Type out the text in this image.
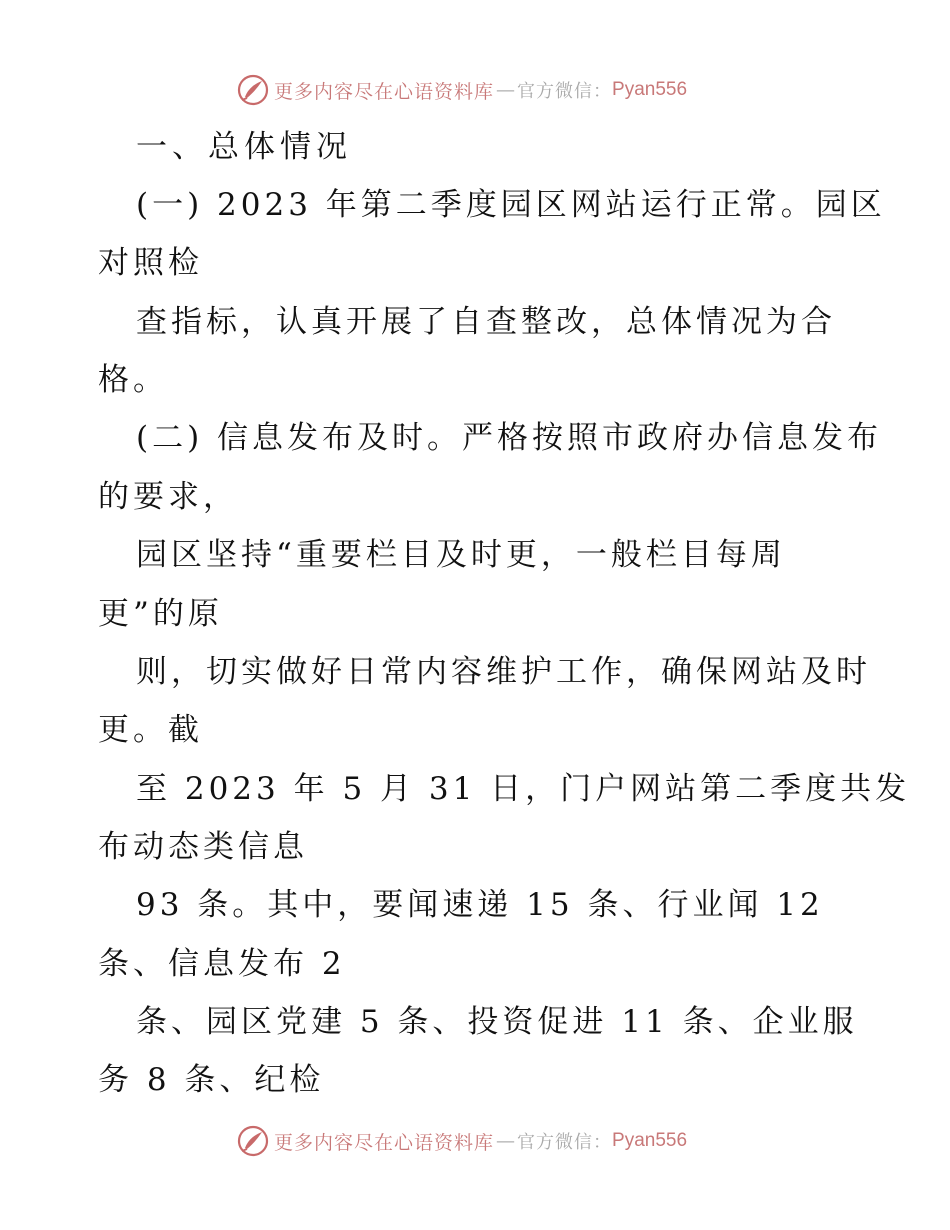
更多内容尽在心语资料库 — 官方微信： Pyan556
一、总体情况
(一) 2023 年第二季度园区网站运行正常。园区
对照检
查指标，认真开展了自查整改，总体情况为合
格。
(二) 信息发布及时。严格按照市政府办信息发布
的要求，
园区坚持“重要栏目及时更，一般栏目每周
更”的原
则，切实做好日常内容维护工作，确保网站及时
更。截
至 2023 年 5 月 31 日，门户网站第二季度共发
布动态类信息
93 条。其中，要闻速递 15 条、行业闻 12
条、信息发布 2
条、园区党建 5 条、投资促进 11 条、企业服
务 8 条、纪检
更多内容尽在心语资料库 — 官方微信： Pyan556
